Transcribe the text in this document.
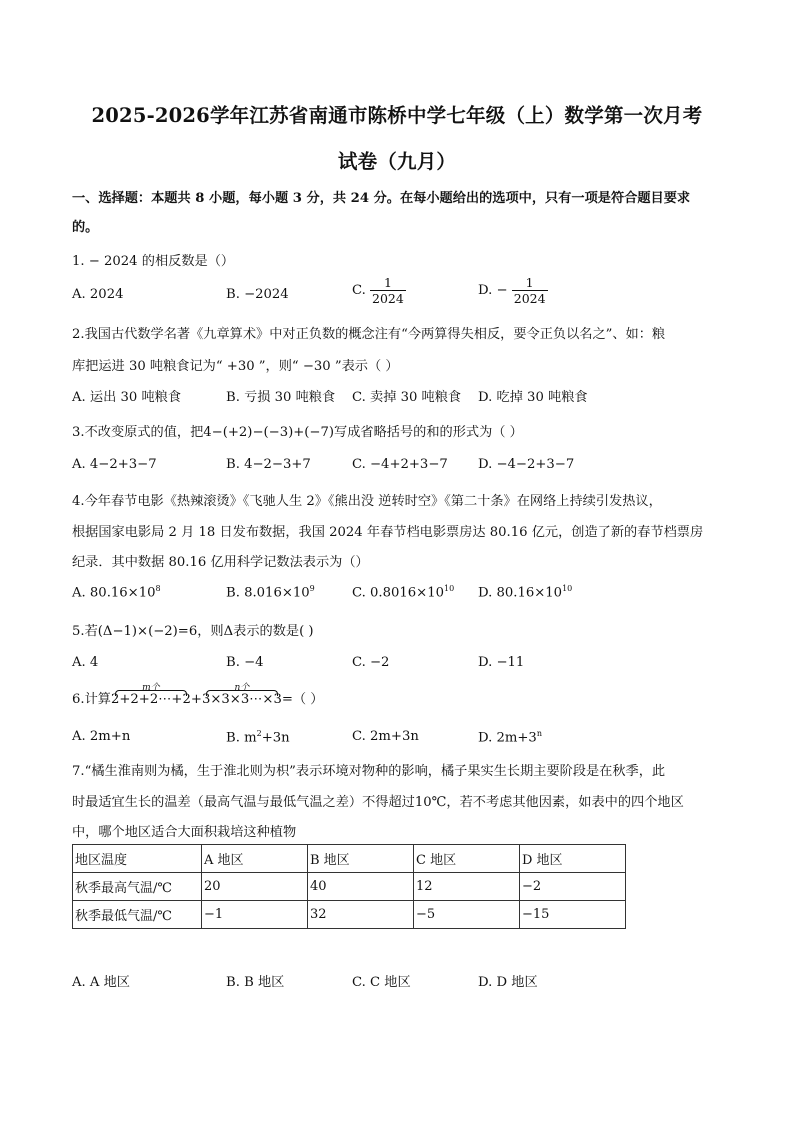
2025-2026学年江苏省南通市陈桥中学七年级（上）数学第一次月考
试卷（九月）
一、选择题：本题共 8 小题，每小题 3 分，共 24 分。在每小题给出的选项中，只有一项是符合题目要求
的。
1. − 2024 的相反数是（）
A. 2024	B. −2024	C. $\frac{1}{2024}$	D. − $\frac{1}{2024}$
2.我国古代数学名著《九章算术》中对正负数的概念注有“今两算得失相反，要令正负以名之”、如：粮
库把运进 30 吨粮食记为“ +30 ”，则“ −30 ”表示（ ）
A. 运出 30 吨粮食	B. 亏损 30 吨粮食 C. 卖掉 30 吨粮食 D. 吃掉 30 吨粮食
3.不改变原式的值，把4−(+2)−(−3)+(−7)写成省略括号的和的形式为（ ）
A. 4−2+3−7	B. 4−2−3+7	C. −4+2+3−7 D. −4−2+3−7
4.今年春节电影《热辣滚烫》《飞驰人生 2》《熊出没 逆转时空》《第二十条》在网络上持续引发热议，
根据国家电影局 2 月 18 日发布数据，我国 2024 年春节档电影票房达 80.16 亿元，创造了新的春节档票房
纪录．其中数据 80.16 亿用科学记数法表示为（）
A. $80.16\times 10^8$	B. $8.016\times 10^9$	C. $0.8016\times 10^{10}$ D. $80.16\times 10^{10}$
5.若(Δ−1)×(−2)=6，则Δ表示的数是( )
A. 4	B. −4	C. −2	D. −11
6.计算
m个
2+2+2⋯+2+
n个
3×3×3⋯×3=（ ）
A. 2m+n	B. $m^2+3n$	C. 2m+3n	D. $2m+3^n$
7.“橘生淮南则为橘，生于淮北则为枳”表示环境对物种的影响，橘子果实生长期主要阶段是在秋季，此
时最适宜生长的温差（最高气温与最低气温之差）不得超过10℃，若不考虑其他因素，如表中的四个地区
中，哪个地区适合大面积栽培这种植物
地区温度	A 地区	B 地区	C 地区	D 地区
秋季最高气温/℃	20	40	12	−2
秋季最低气温/℃	−1	32	−5	−15
A. A 地区	B. B 地区	C. C 地区	D. D 地区
